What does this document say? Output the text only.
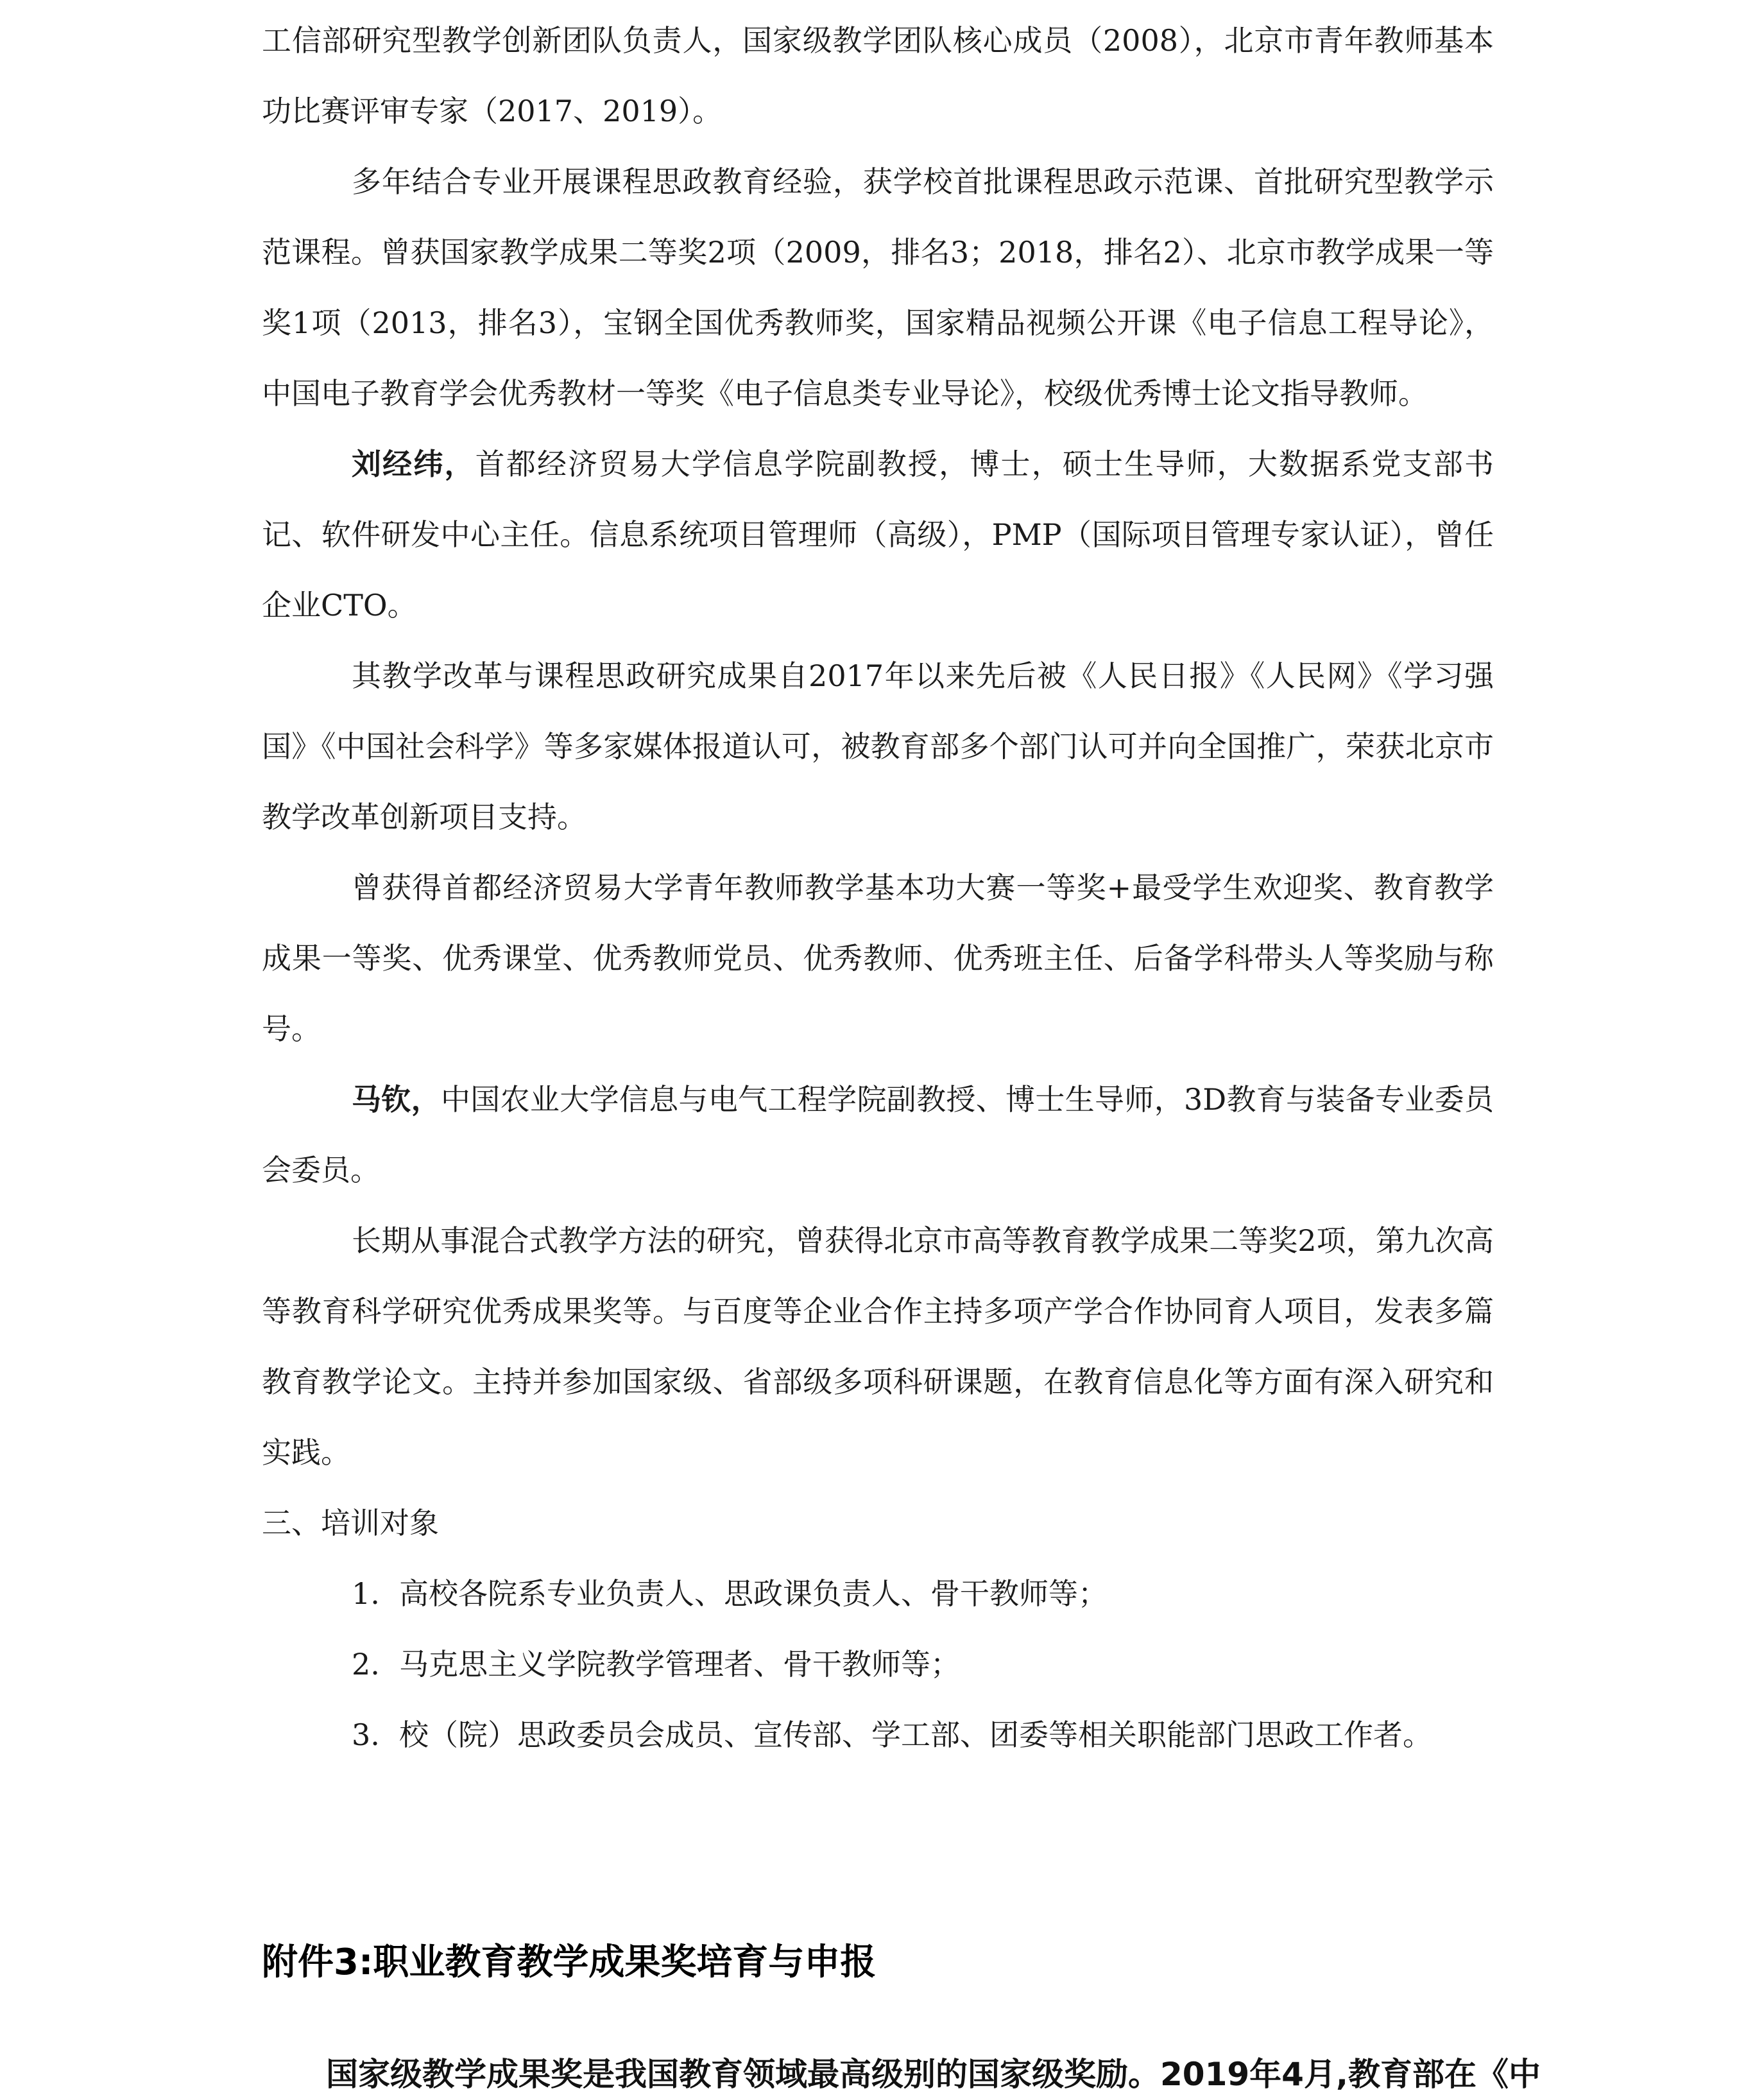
工信部研究型教学创新团队负责人，国家级教学团队核心成员（2008），北京市青年教师基本功比赛评审专家（2017、2019）。

多年结合专业开展课程思政教育经验，获学校首批课程思政示范课、首批研究型教学示范课程。曾获国家教学成果二等奖2项（2009，排名3；2018，排名2）、北京市教学成果一等奖1项（2013，排名3），宝钢全国优秀教师奖，国家精品视频公开课《电子信息工程导论》，中国电子教育学会优秀教材一等奖《电子信息类专业导论》，校级优秀博士论文指导教师。

刘经纬，首都经济贸易大学信息学院副教授，博士，硕士生导师，大数据系党支部书记、软件研发中心主任。信息系统项目管理师（高级），PMP（国际项目管理专家认证），曾任企业CTO。

其教学改革与课程思政研究成果自2017年以来先后被《人民日报》《人民网》《学习强国》《中国社会科学》等多家媒体报道认可，被教育部多个部门认可并向全国推广，荣获北京市教学改革创新项目支持。

曾获得首都经济贸易大学青年教师教学基本功大赛一等奖+最受学生欢迎奖、教育教学成果一等奖、优秀课堂、优秀教师党员、优秀教师、优秀班主任、后备学科带头人等奖励与称号。

马钦，中国农业大学信息与电气工程学院副教授、博士生导师，3D教育与装备专业委员会委员。

长期从事混合式教学方法的研究，曾获得北京市高等教育教学成果二等奖2项，第九次高等教育科学研究优秀成果奖等。与百度等企业合作主持多项产学合作协同育人项目，发表多篇教育教学论文。主持并参加国家级、省部级多项科研课题，在教育信息化等方面有深入研究和实践。

三、培训对象

1. 高校各院系专业负责人、思政课负责人、骨干教师等；

2. 马克思主义学院教学管理者、骨干教师等；

3. 校（院）思政委员会成员、宣传部、学工部、团委等相关职能部门思政工作者。

附件3:职业教育教学成果奖培育与申报

国家级教学成果奖是我国教育领域最高级别的国家级奖励。2019年4月,教育部在《中
